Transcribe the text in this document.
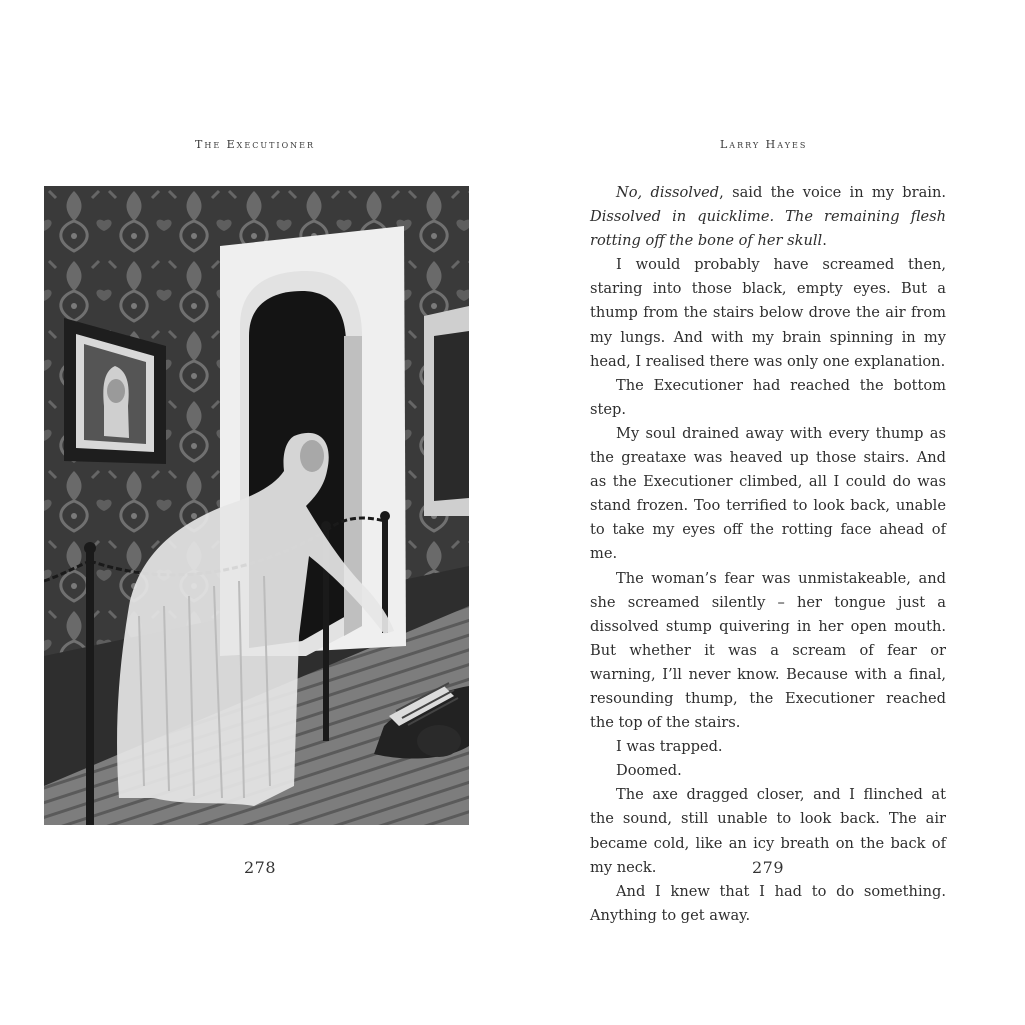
The Executioner	Larry Hayes

No, dissolved, said the voice in my brain. Dissolved in quicklime. The remaining flesh rotting off the bone of her skull.

I would probably have screamed then, staring into those black, empty eyes. But a thump from the stairs below drove the air from my lungs. And with my brain spinning in my head, I realised there was only one explanation.

The Executioner had reached the bottom step.

My soul drained away with every thump as the greataxe was heaved up those stairs. And as the Executioner climbed, all I could do was stand frozen. Too terrified to look back, unable to take my eyes off the rotting face ahead of me.

The woman’s fear was unmistakeable, and she screamed silently – her tongue just a dissolved stump quivering in her open mouth. But whether it was a scream of fear or warning, I’ll never know. Because with a final, resounding thump, the Executioner reached the top of the stairs.

I was trapped.

Doomed.

The axe dragged closer, and I flinched at the sound, still unable to look back. The air became cold, like an icy breath on the back of my neck.

And I knew that I had to do something. Anything to get away.

278	279
